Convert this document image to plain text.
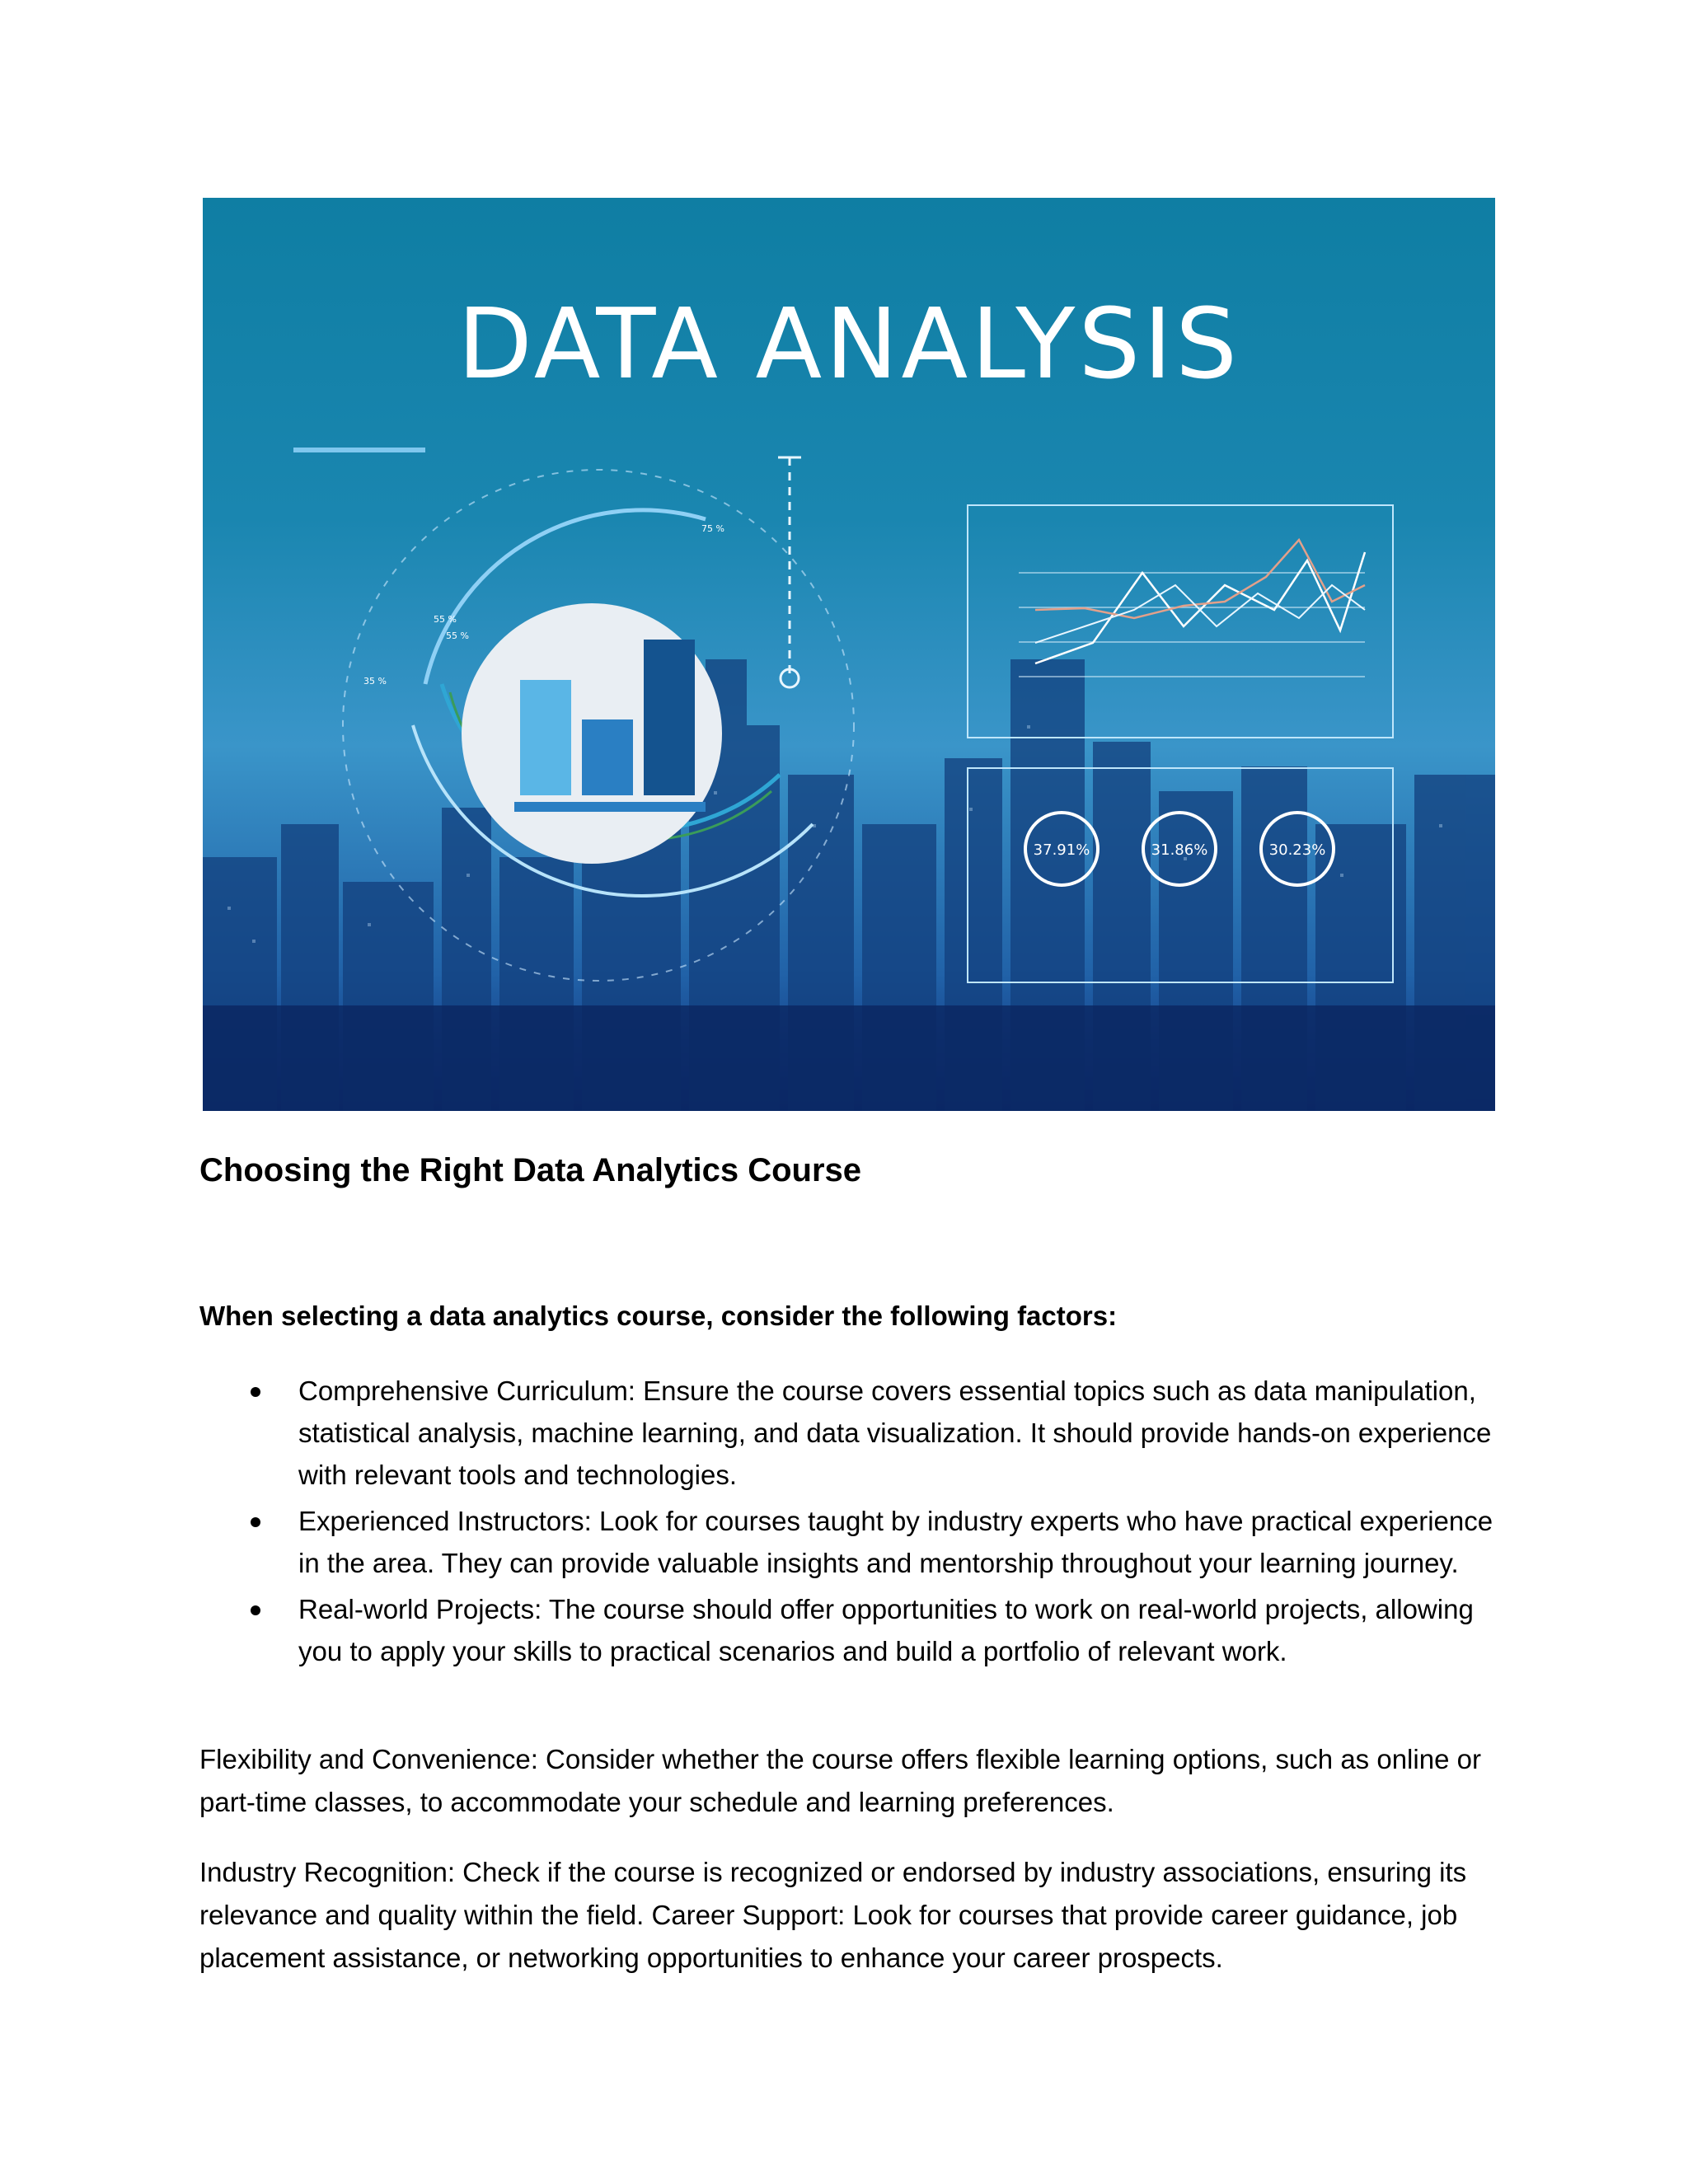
75 %
55 %
55 %
35 %
37.91%	31.86%	30.23%
DATA ANALYSIS
Choosing the Right Data Analytics Course

When selecting a data analytics course, consider the following factors:

Comprehensive Curriculum: Ensure the course covers essential topics such as data manipulation, statistical analysis, machine learning, and data visualization. It should provide hands-on experience with relevant tools and technologies.
Experienced Instructors: Look for courses taught by industry experts who have practical experience in the area. They can provide valuable insights and mentorship throughout your learning journey.
Real-world Projects: The course should offer opportunities to work on real-world projects, allowing you to apply your skills to practical scenarios and build a portfolio of relevant work.

Flexibility and Convenience: Consider whether the course offers flexible learning options, such as online or part-time classes, to accommodate your schedule and learning preferences.

Industry Recognition: Check if the course is recognized or endorsed by industry associations, ensuring its relevance and quality within the field. Career Support: Look for courses that provide career guidance, job placement assistance, or networking opportunities to enhance your career prospects.
